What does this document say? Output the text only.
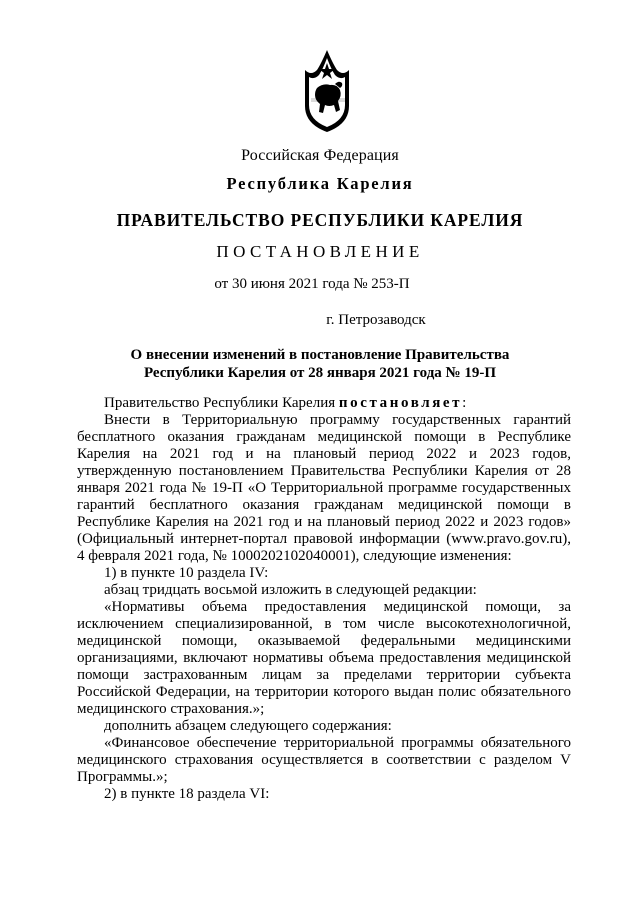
Российская Федерация
Республика Карелия
ПРАВИТЕЛЬСТВО РЕСПУБЛИКИ КАРЕЛИЯ
ПОСТАНОВЛЕНИЕ
от 30 июня 2021 года № 253-П
г. Петрозаводск
О внесении изменений в постановление Правительства
Республики Карелия от 28 января 2021 года № 19-П
Правительство Республики Карелия постановляет:
Внести в Территориальную программу государственных гарантий бесплатного оказания гражданам медицинской помощи в Республике Карелия на 2021 год и на плановый период 2022 и 2023 годов, утвержденную постановлением Правительства Республики Карелия от 28 января 2021 года № 19-П «О Территориальной программе государственных гарантий бесплатного оказания гражданам медицинской помощи в Республике Карелия на 2021 год и на плановый период 2022 и 2023 годов» (Официальный интернет-портал правовой информации (www.pravo.gov.ru), 4 февраля 2021 года, № 1000202102040001), следующие изменения:
1) в пункте 10 раздела IV:
абзац тридцать восьмой изложить в следующей редакции:
«Нормативы объема предоставления медицинской помощи, за исключением специализированной, в том числе высокотехнологичной, медицинской помощи, оказываемой федеральными медицинскими организациями, включают нормативы объема предоставления медицинской помощи застрахованным лицам за пределами территории субъекта Российской Федерации, на территории которого выдан полис обязательного медицинского страхования.»;
дополнить абзацем следующего содержания:
«Финансовое обеспечение территориальной программы обязательного медицинского страхования осуществляется в соответствии с разделом V Программы.»;
2) в пункте 18 раздела VI:
